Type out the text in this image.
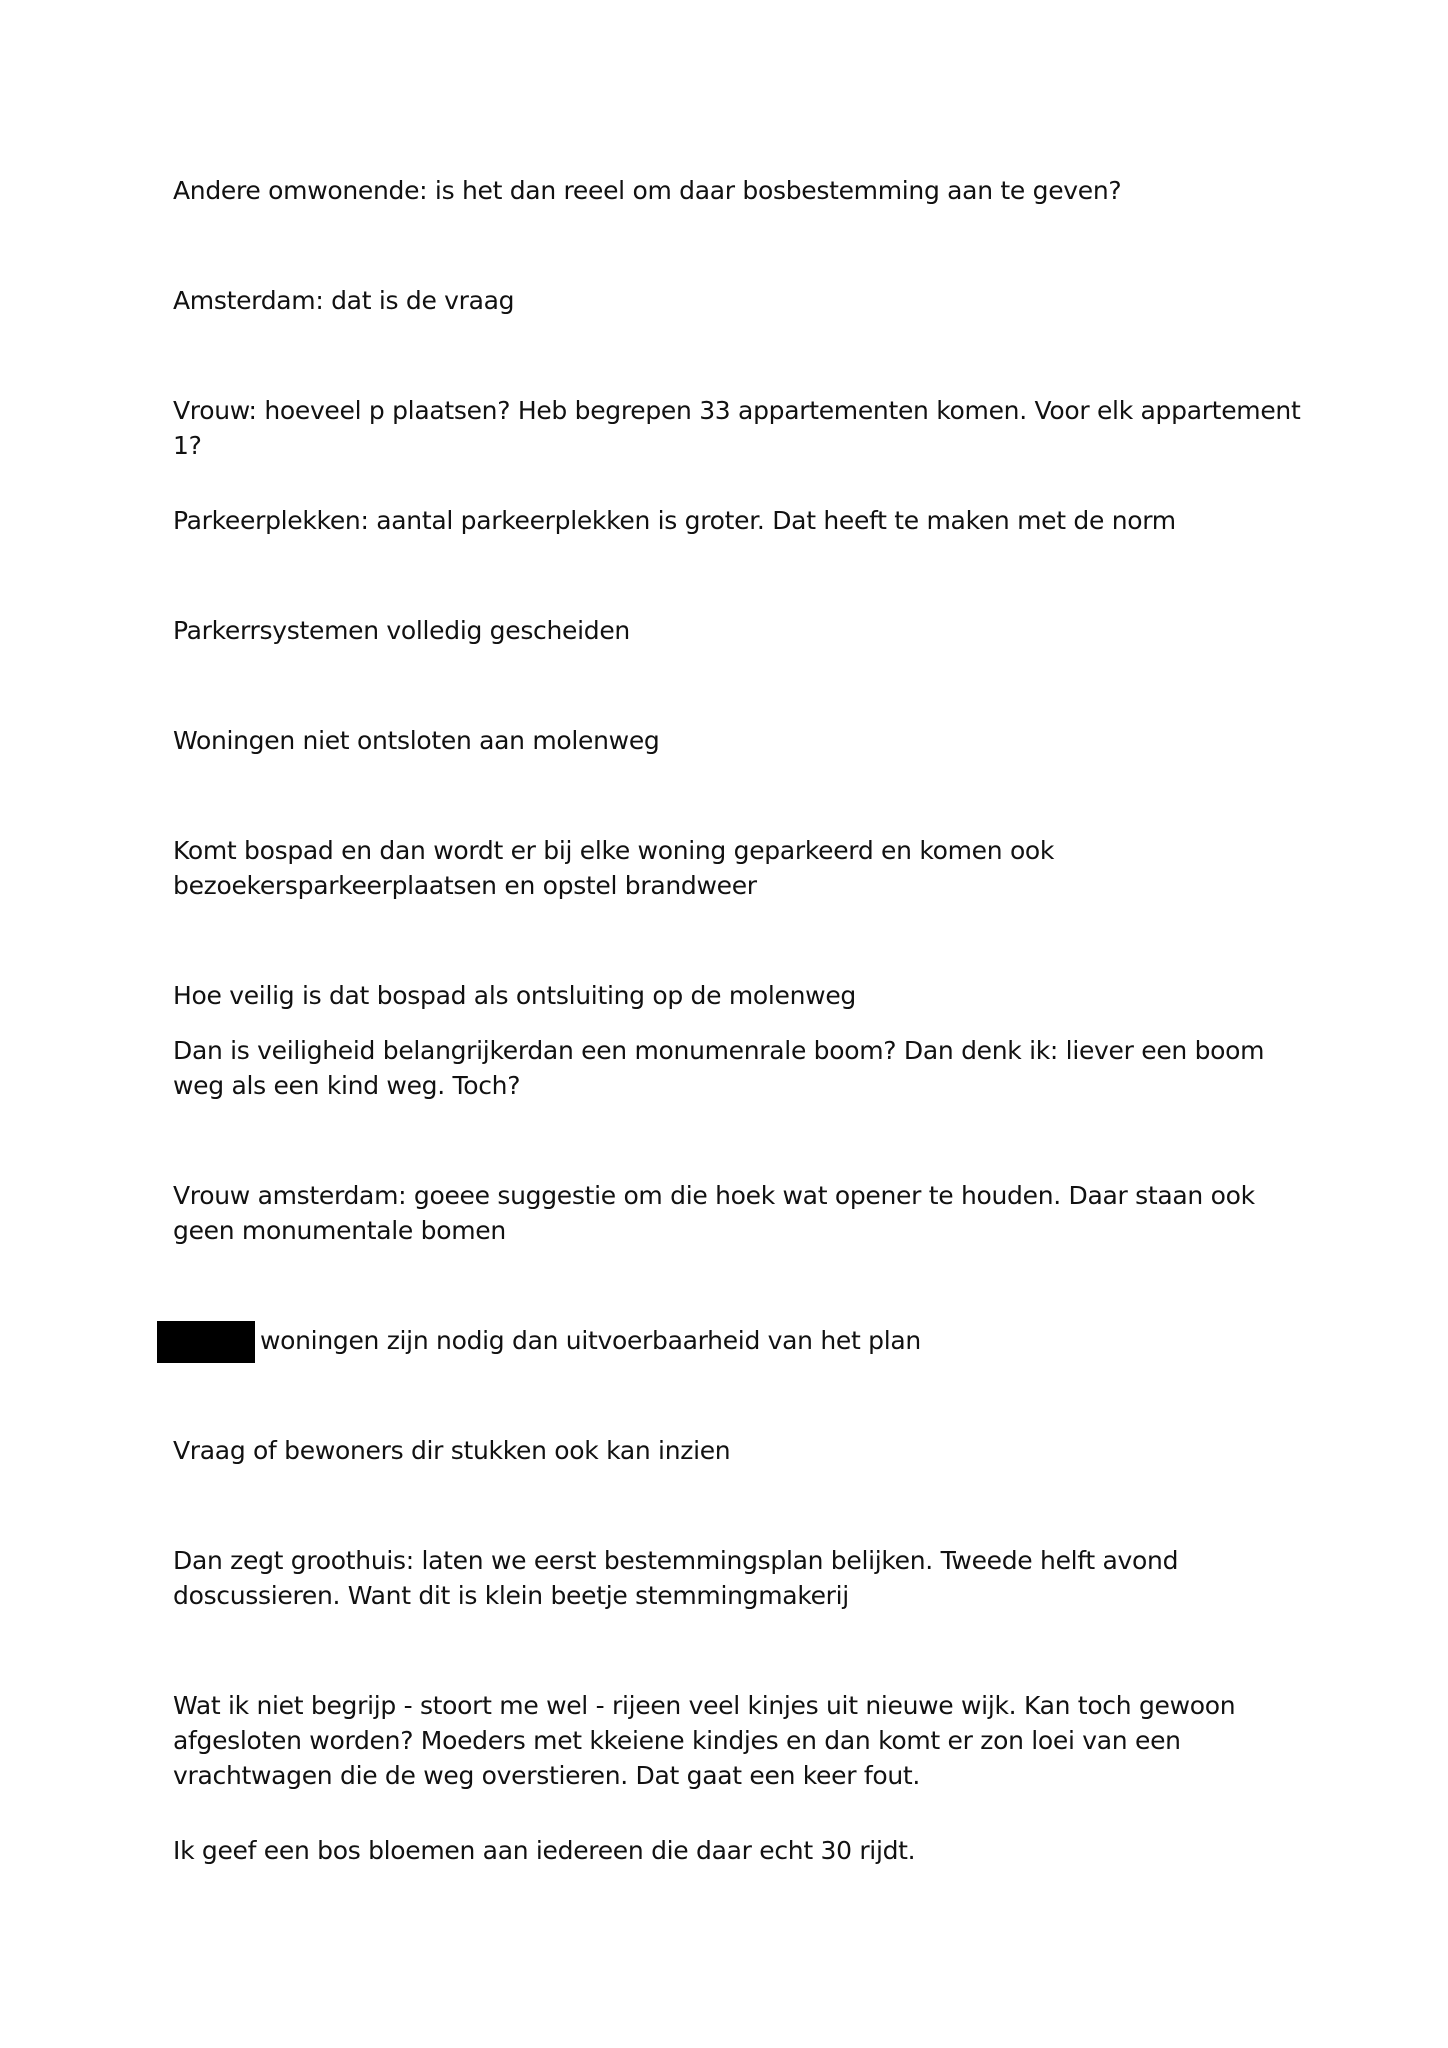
Andere omwonende: is het dan reeel om daar bosbestemming aan te geven?

Amsterdam: dat is de vraag

Vrouw: hoeveel p plaatsen? Heb begrepen 33 appartementen komen. Voor elk appartement 1?

Parkeerplekken: aantal parkeerplekken is groter. Dat heeft te maken met de norm

Parkerrsystemen volledig gescheiden

Woningen niet ontsloten aan molenweg

Komt bospad en dan wordt er bij elke woning geparkeerd en komen ook bezoekersparkeerplaatsen en opstel brandweer

Hoe veilig is dat bospad als ontsluiting op de molenweg

Dan is veiligheid belangrijkerdan een monumenrale boom? Dan denk ik: liever een boom weg als een kind weg. Toch?

Vrouw amsterdam: goeee suggestie om die hoek wat opener te houden. Daar staan ook geen monumentale bomen

woningen zijn nodig dan uitvoerbaarheid van het plan

Vraag of bewoners dir stukken ook kan inzien

Dan zegt groothuis: laten we eerst bestemmingsplan belijken. Tweede helft avond doscussieren. Want dit is klein beetje stemmingmakerij

Wat ik niet begrijp - stoort me wel - rijeen veel kinjes uit nieuwe wijk. Kan toch gewoon afgesloten worden? Moeders met kkeiene kindjes en dan komt er zon loei van een vrachtwagen die de weg overstieren. Dat gaat een keer fout.

Ik geef een bos bloemen aan iedereen die daar echt 30 rijdt.
